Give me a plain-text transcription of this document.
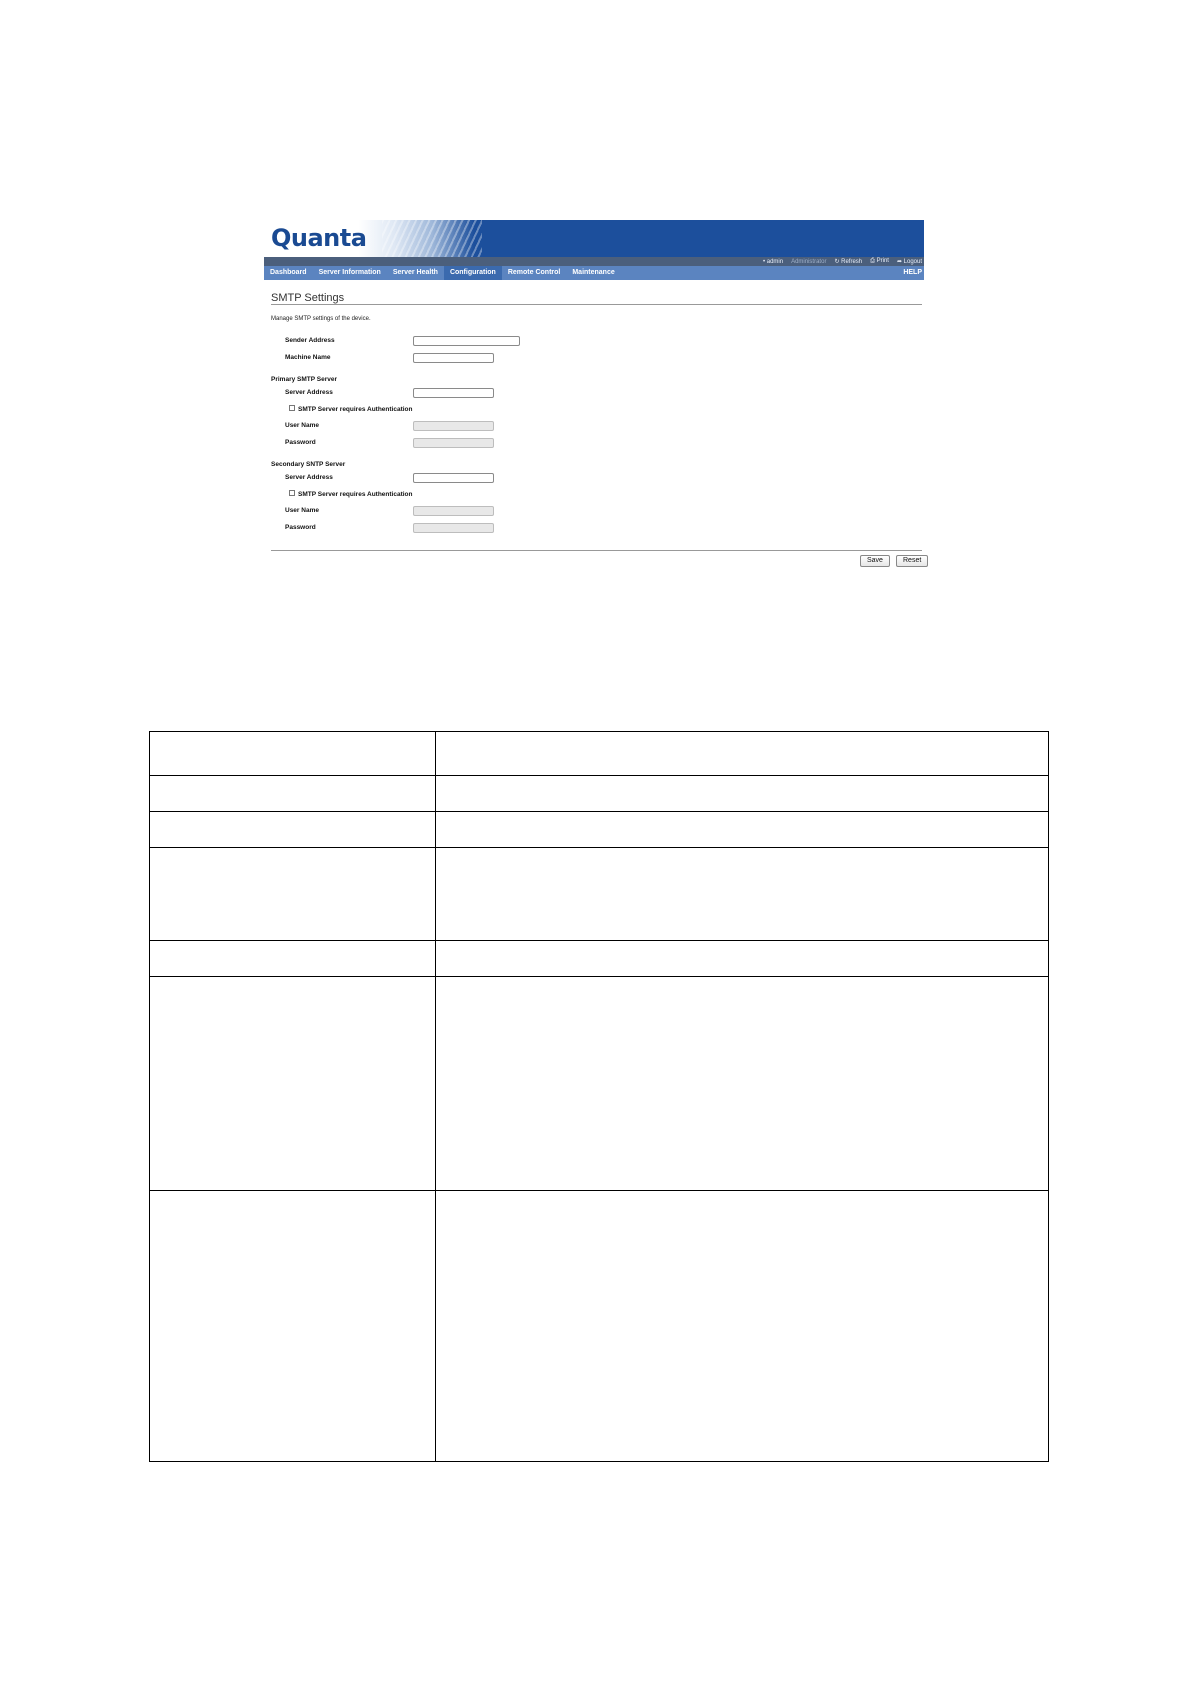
Quanta
• admin Administrator ↻ Refresh ⎙ Print ➦ Logout
Dashboard	Server Information	Server Health	Configuration	Remote Control	Maintenance	HELP
SMTP Settings
Manage SMTP settings of the device.
Sender Address
Machine Name
Primary SMTP Server
Server Address
SMTP Server requires Authentication
User Name
Password
Secondary SNTP Server
Server Address
SMTP Server requires Authentication
User Name
Password
Save	Reset
